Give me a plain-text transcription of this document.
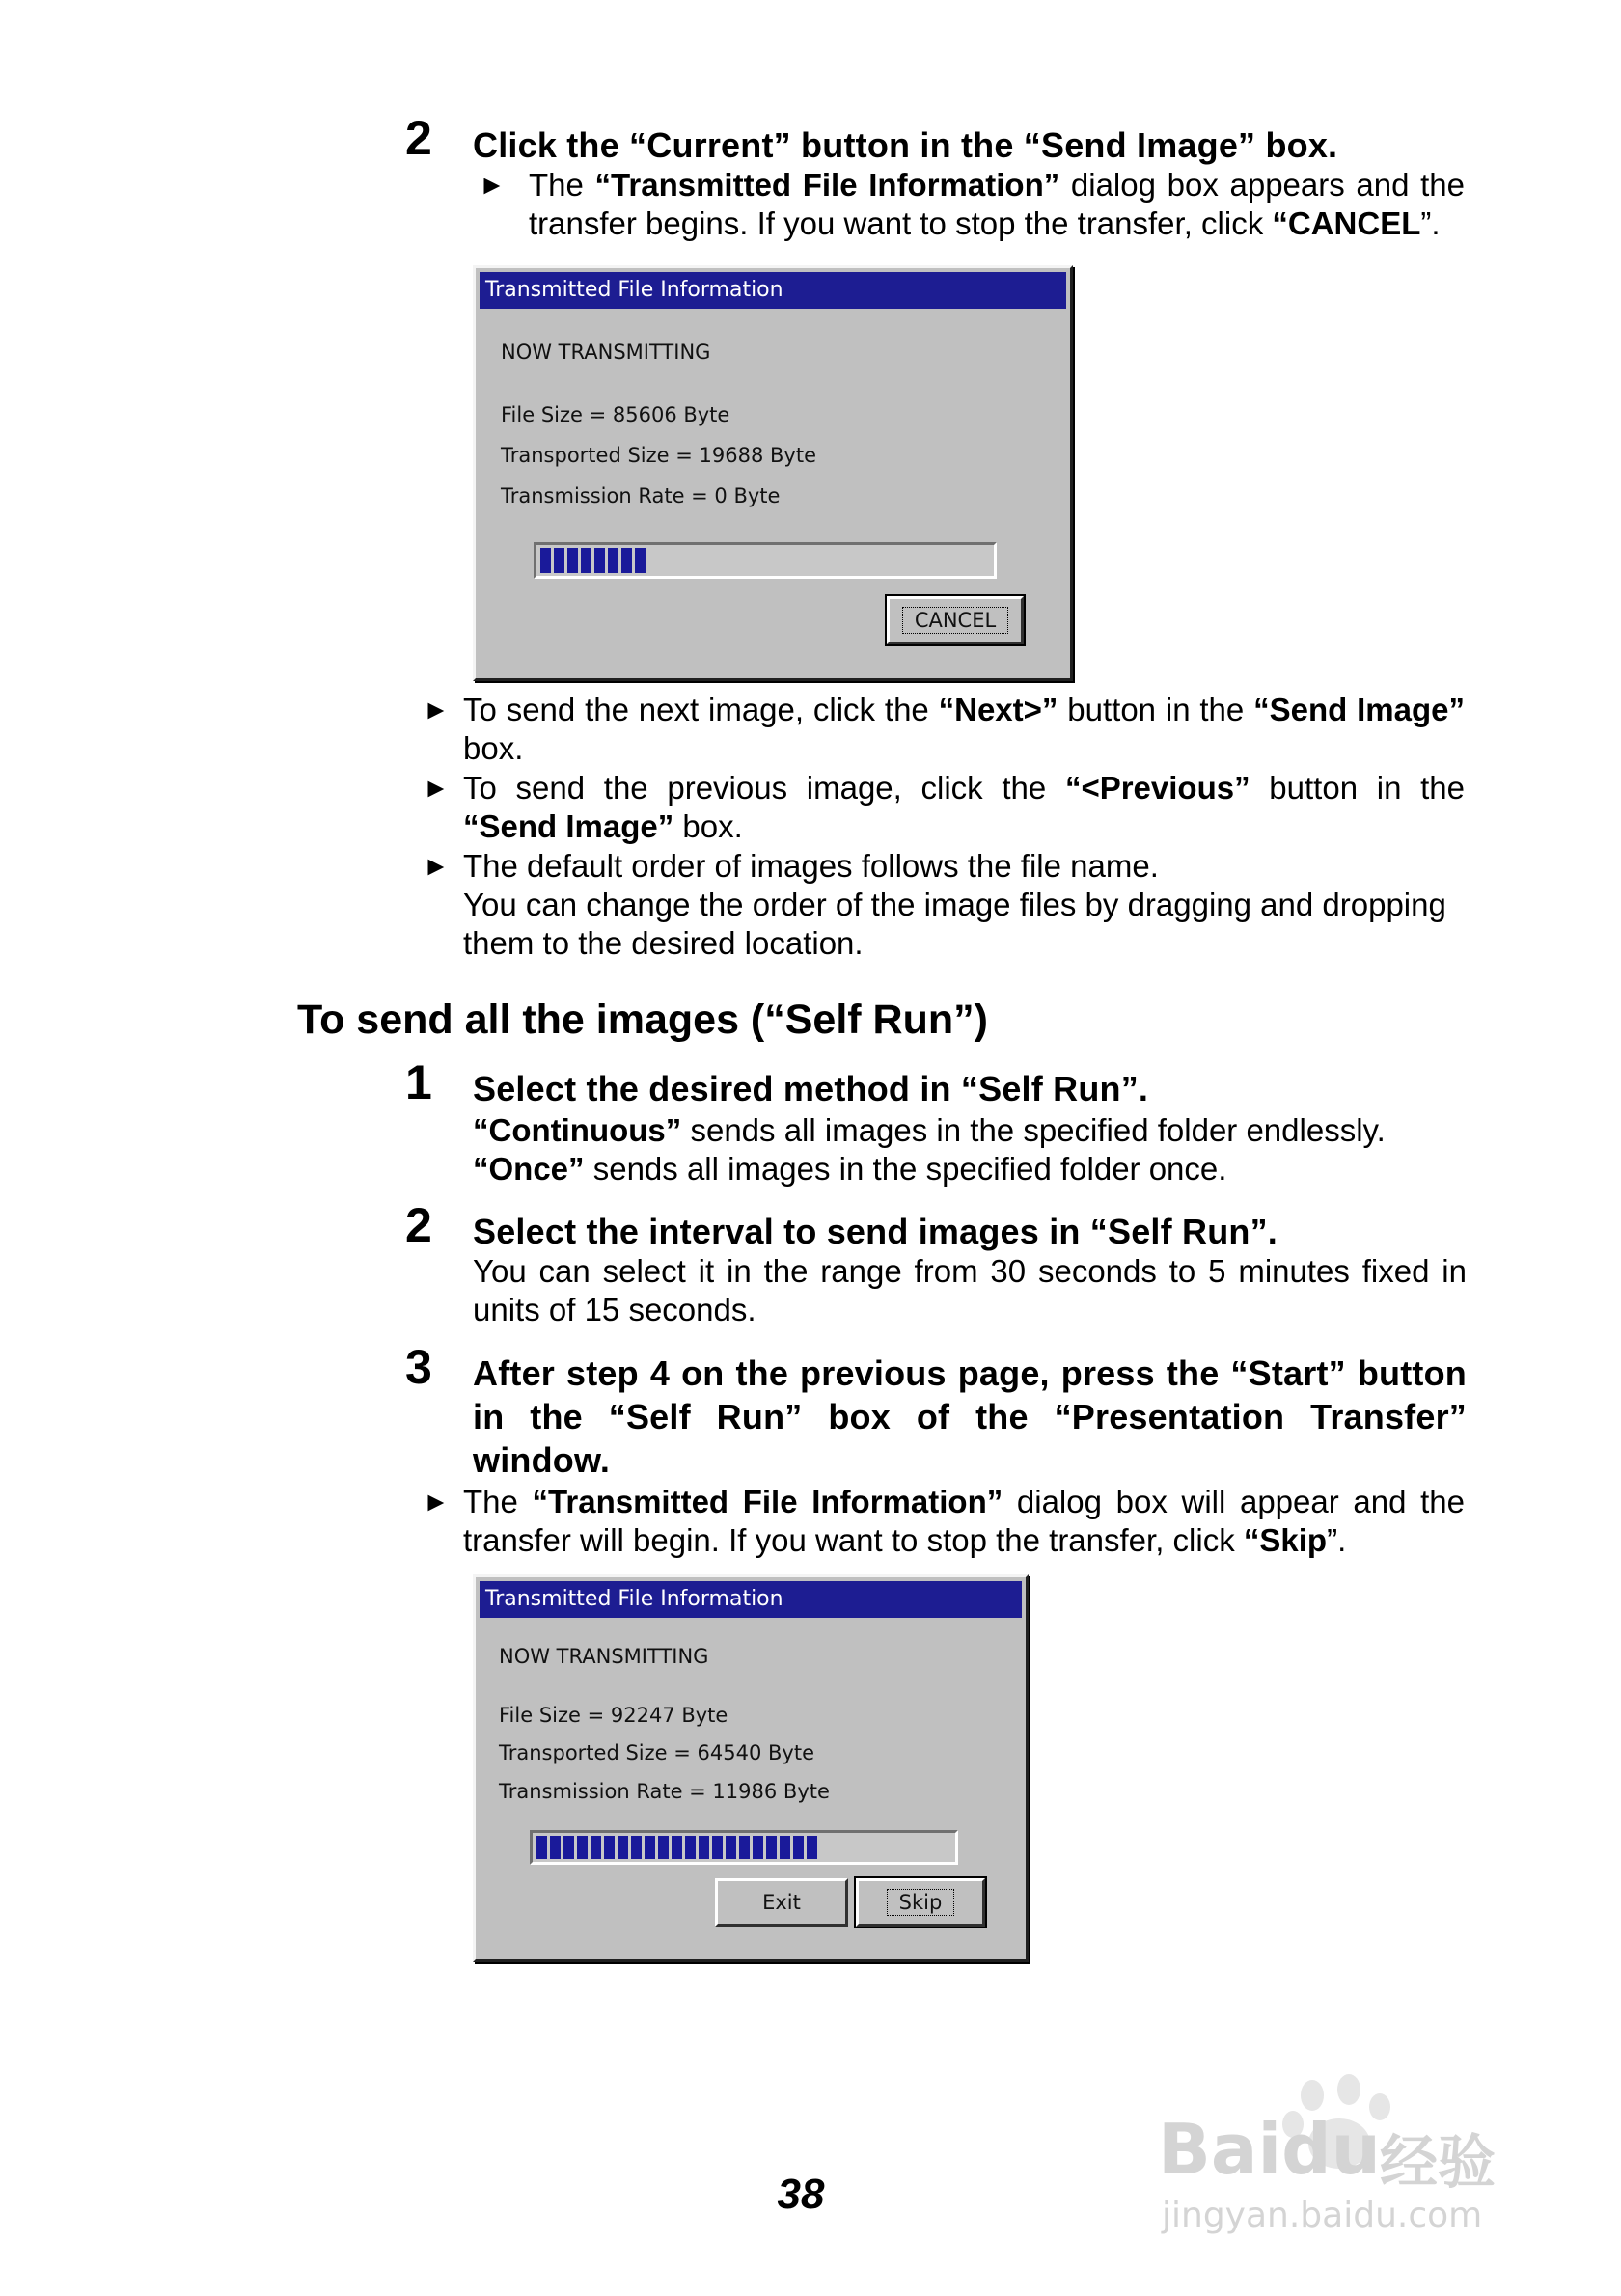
2 Click the “Current” button in the “Send Image” box.
► The “Transmitted File Information” dialog box appears and the transfer begins. If you want to stop the transfer, click “CANCEL”.
Transmitted File Information
NOW TRANSMITTING
File Size = 85606 Byte
Transported Size = 19688 Byte
Transmission Rate = 0 Byte
CANCEL
► To send the next image, click the “Next>” button in the “Send Image” box.
► To send the previous image, click the “<Previous” button in the “Send Image” box.
► The default order of images follows the file name.
You can change the order of the image files by dragging and dropping them to the desired location.
To send all the images (“Self Run”)
1 Select the desired method in “Self Run”.
“Continuous” sends all images in the specified folder endlessly.
“Once” sends all images in the specified folder once.
2 Select the interval to send images in “Self Run”.
You can select it in the range from 30 seconds to 5 minutes fixed in units of 15 seconds.
3 After step 4 on the previous page, press the “Start” button in the “Self Run” box of the “Presentation Transfer” window.
► The “Transmitted File Information” dialog box will appear and the transfer will begin. If you want to stop the transfer, click “Skip”.
Transmitted File Information
NOW TRANSMITTING
File Size = 92247 Byte
Transported Size = 64540 Byte
Transmission Rate = 11986 Byte
Exit	Skip
38
Baidu 经验
jingyan.baidu.com
